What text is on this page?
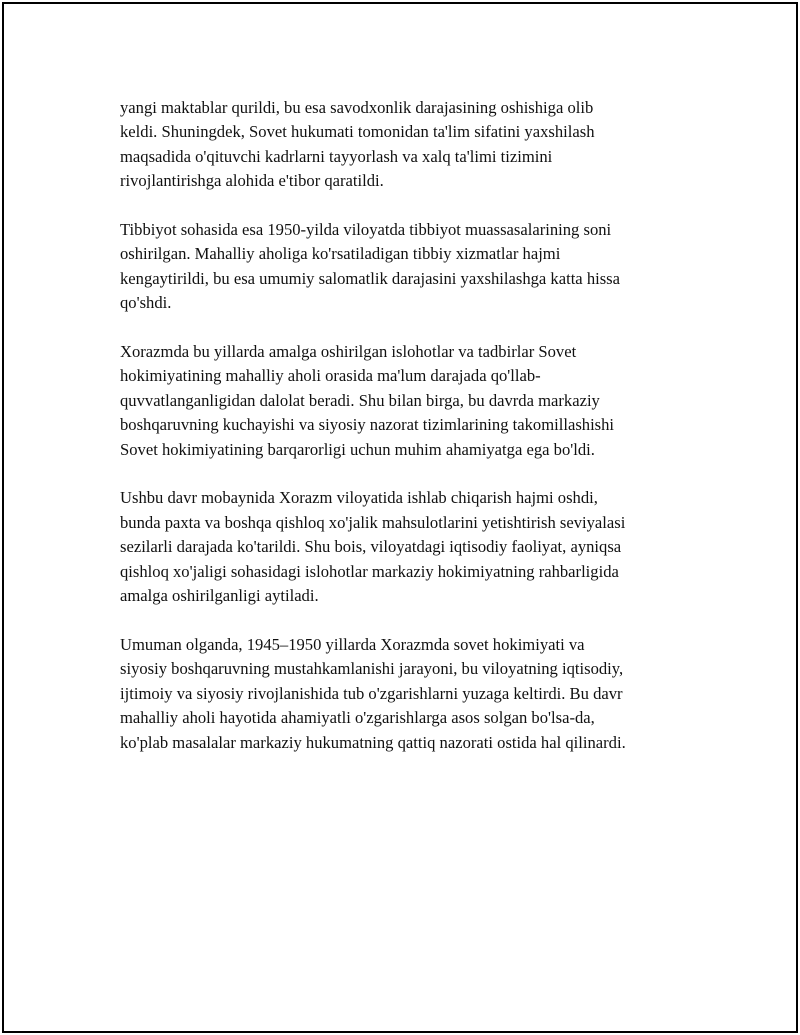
yangi maktablar qurildi, bu esa savodxonlik darajasining oshishiga olib
keldi. Shuningdek, Sovet hukumati tomonidan ta'lim sifatini yaxshilash
maqsadida o'qituvchi kadrlarni tayyorlash va xalq ta'limi tizimini
rivojlantirishga alohida e'tibor qaratildi.

Tibbiyot sohasida esa 1950-yilda viloyatda tibbiyot muassasalarining soni
oshirilgan. Mahalliy aholiga ko'rsatiladigan tibbiy xizmatlar hajmi
kengaytirildi, bu esa umumiy salomatlik darajasini yaxshilashga katta hissa
qo'shdi.

Xorazmda bu yillarda amalga oshirilgan islohotlar va tadbirlar Sovet
hokimiyatining mahalliy aholi orasida ma'lum darajada qo'llab-
quvvatlanganligidan dalolat beradi. Shu bilan birga, bu davrda markaziy
boshqaruvning kuchayishi va siyosiy nazorat tizimlarining takomillashishi
Sovet hokimiyatining barqarorligi uchun muhim ahamiyatga ega bo'ldi.

Ushbu davr mobaynida Xorazm viloyatida ishlab chiqarish hajmi oshdi,
bunda paxta va boshqa qishloq xo'jalik mahsulotlarini yetishtirish seviyalasi
sezilarli darajada ko'tarildi. Shu bois, viloyatdagi iqtisodiy faoliyat, ayniqsa
qishloq xo'jaligi sohasidagi islohotlar markaziy hokimiyatning rahbarligida
amalga oshirilganligi aytiladi.

Umuman olganda, 1945–1950 yillarda Xorazmda sovet hokimiyati va
siyosiy boshqaruvning mustahkamlanishi jarayoni, bu viloyatning iqtisodiy,
ijtimoiy va siyosiy rivojlanishida tub o'zgarishlarni yuzaga keltirdi. Bu davr
mahalliy aholi hayotida ahamiyatli o'zgarishlarga asos solgan bo'lsa-da,
ko'plab masalalar markaziy hukumatning qattiq nazorati ostida hal qilinardi.
